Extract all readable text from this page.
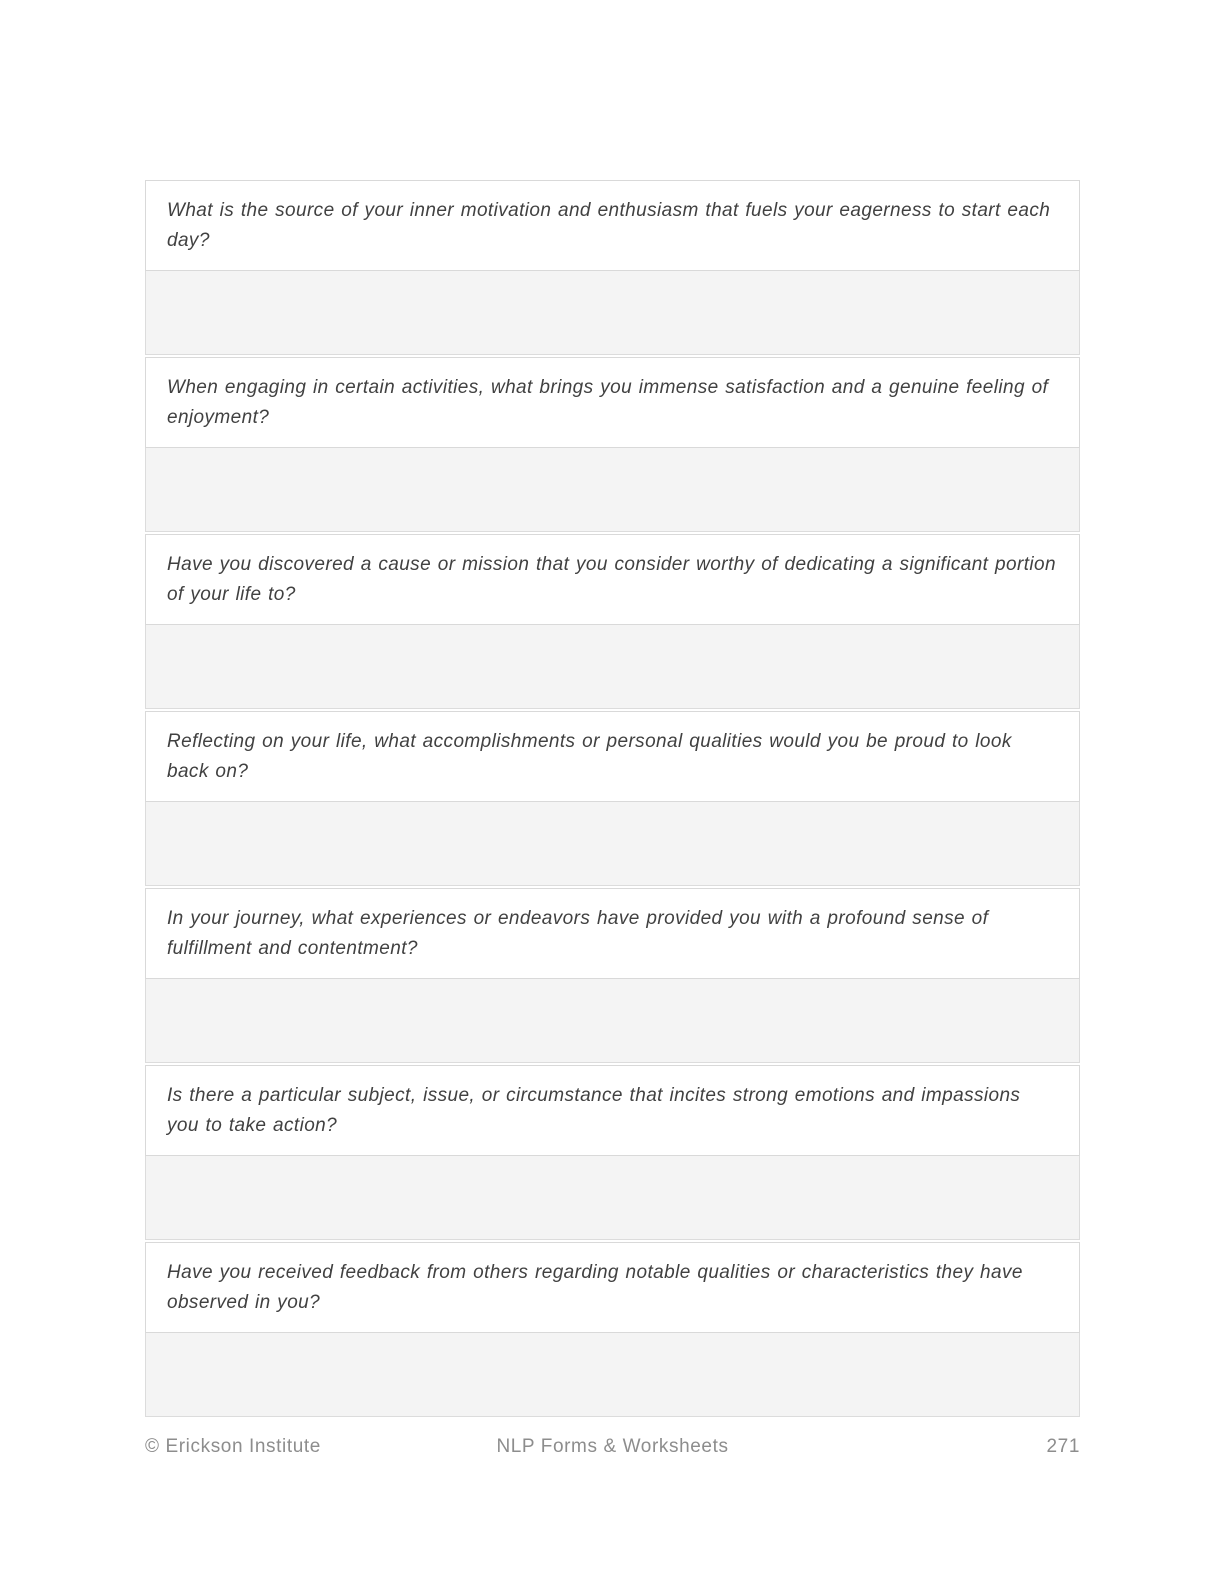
What is the source of your inner motivation and enthusiasm that fuels your eagerness to start each day?
When engaging in certain activities, what brings you immense satisfaction and a genuine feeling of enjoyment?
Have you discovered a cause or mission that you consider worthy of dedicating a significant portion of your life to?
Reflecting on your life, what accomplishments or personal qualities would you be proud to look back on?
In your journey, what experiences or endeavors have provided you with a profound sense of fulfillment and contentment?
Is there a particular subject, issue, or circumstance that incites strong emotions and impassions you to take action?
Have you received feedback from others regarding notable qualities or characteristics they have observed in you?
NLP Forms & Worksheets
© Erickson Institute	271
